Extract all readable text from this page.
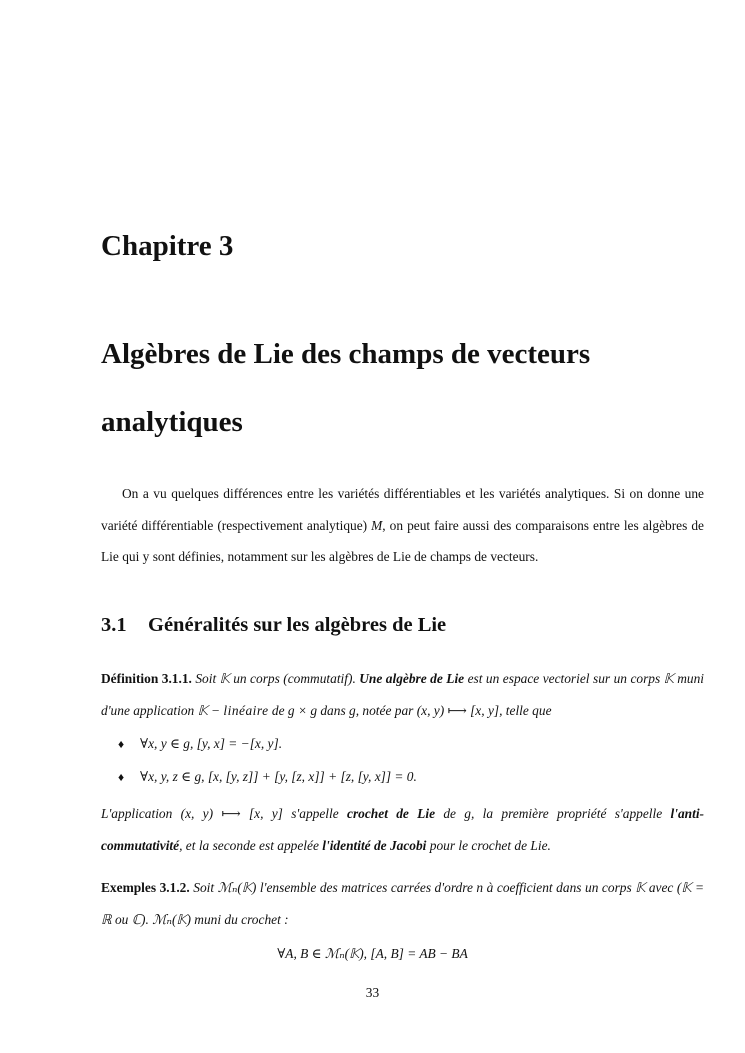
Chapitre 3
Algèbres de Lie des champs de vecteurs
analytiques
On a vu quelques différences entre les variétés différentiables et les variétés analytiques. Si on donne une variété différentiable (respectivement analytique) M, on peut faire aussi des comparaisons entre les algèbres de Lie qui y sont définies, notamment sur les algèbres de Lie de champs de vecteurs.
3.1 Généralités sur les algèbres de Lie
Définition 3.1.1. Soit 𝕂 un corps (commutatif). Une algèbre de Lie est un espace vectoriel sur un corps 𝕂 muni d'une application 𝕂 − linéaire de g × g dans g, notée par (x, y) ⟼ [x, y], telle que
♦ ∀x, y ∈ g, [y, x] = −[x, y].
♦ ∀x, y, z ∈ g, [x, [y, z]] + [y, [z, x]] + [z, [y, x]] = 0.
L'application (x, y) ⟼ [x, y] s'appelle crochet de Lie de g, la première propriété s'appelle l'anti-commutativité, et la seconde est appelée l'identité de Jacobi pour le crochet de Lie.
Exemples 3.1.2. Soit ℳₙ(𝕂) l'ensemble des matrices carrées d'ordre n à coefficient dans un corps 𝕂 avec (𝕂 = ℝ ou ℂ). ℳₙ(𝕂) muni du crochet :
∀A, B ∈ ℳₙ(𝕂), [A, B] = AB − BA
33
